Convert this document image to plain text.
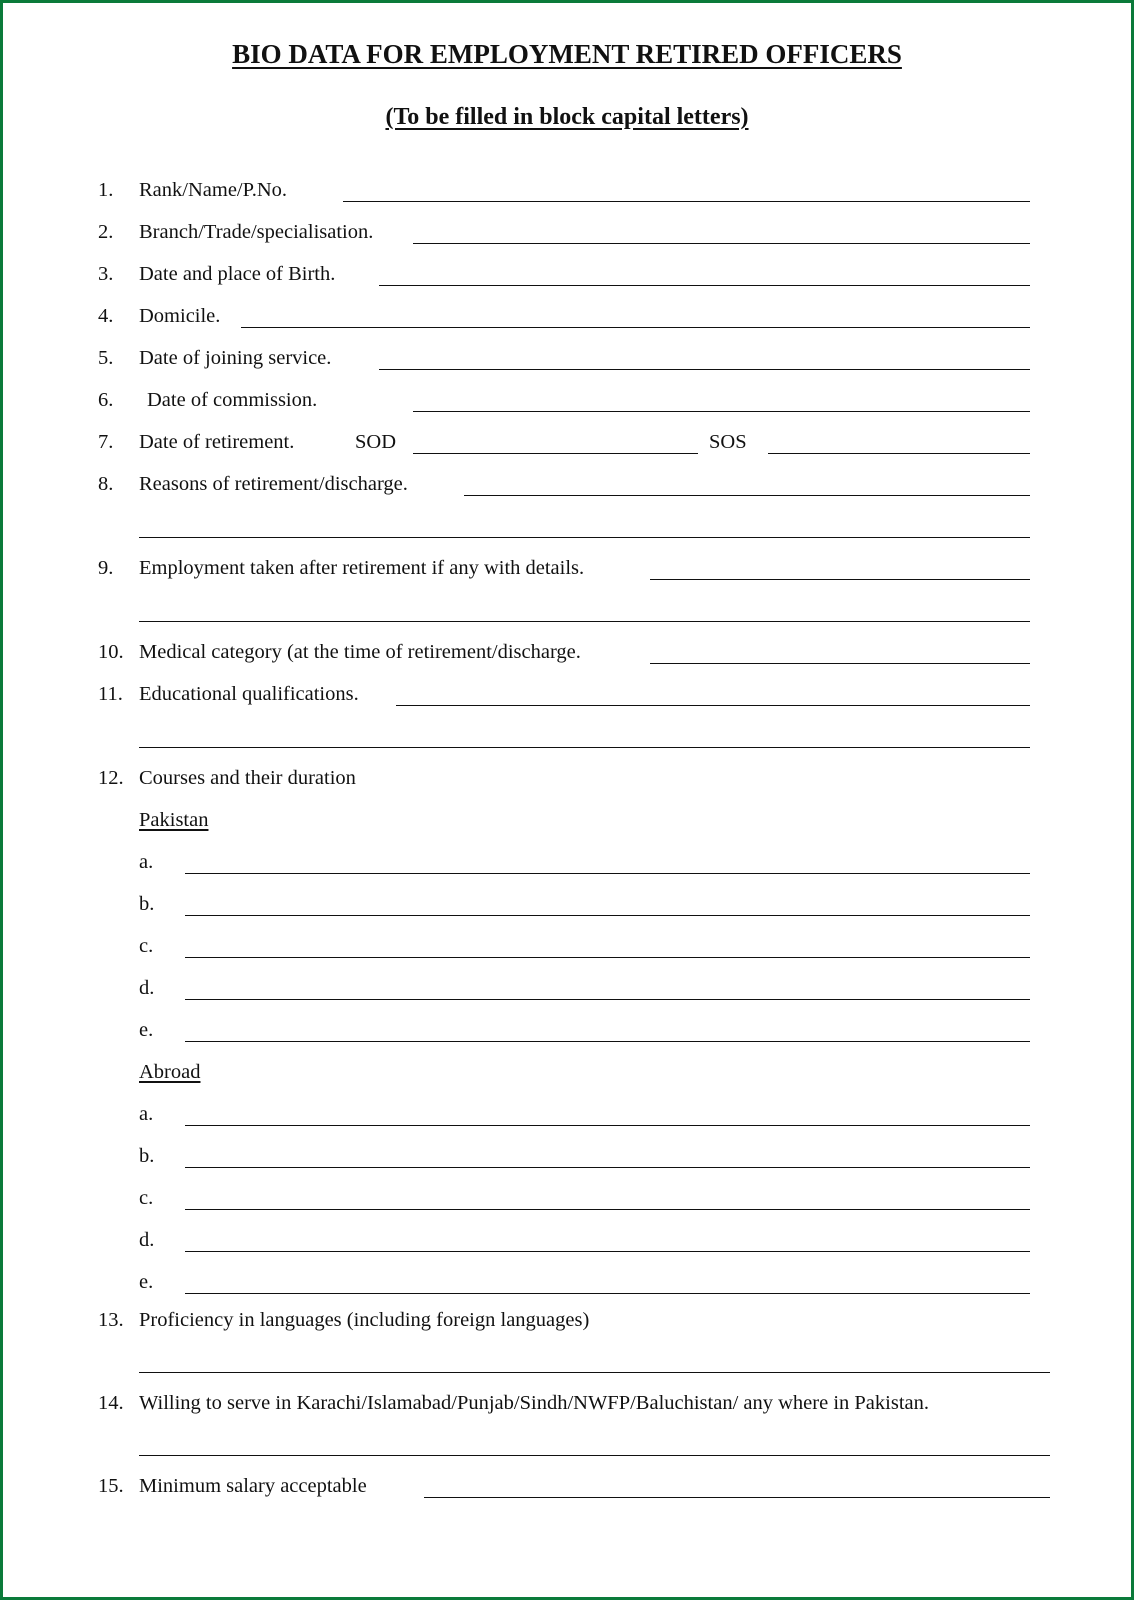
BIO DATA FOR EMPLOYMENT RETIRED OFFICERS
(To be filled in block capital letters)
1. Rank/Name/P.No.
2. Branch/Trade/specialisation.
3. Date and place of Birth.
4. Domicile.
5. Date of joining service.
6. Date of commission.
7. Date of retirement.	SOD	SOS
8. Reasons of retirement/discharge.
9. Employment taken after retirement if any with details.
10. Medical category (at the time of retirement/discharge.
11. Educational qualifications.
12. Courses and their duration
Pakistan
a.
b.
c.
d.
e.
Abroad
a.
b.
c.
d.
e.
13. Proficiency in languages (including foreign languages)
14. Willing to serve in Karachi/Islamabad/Punjab/Sindh/NWFP/Baluchistan/ any where in Pakistan.
15. Minimum salary acceptable
